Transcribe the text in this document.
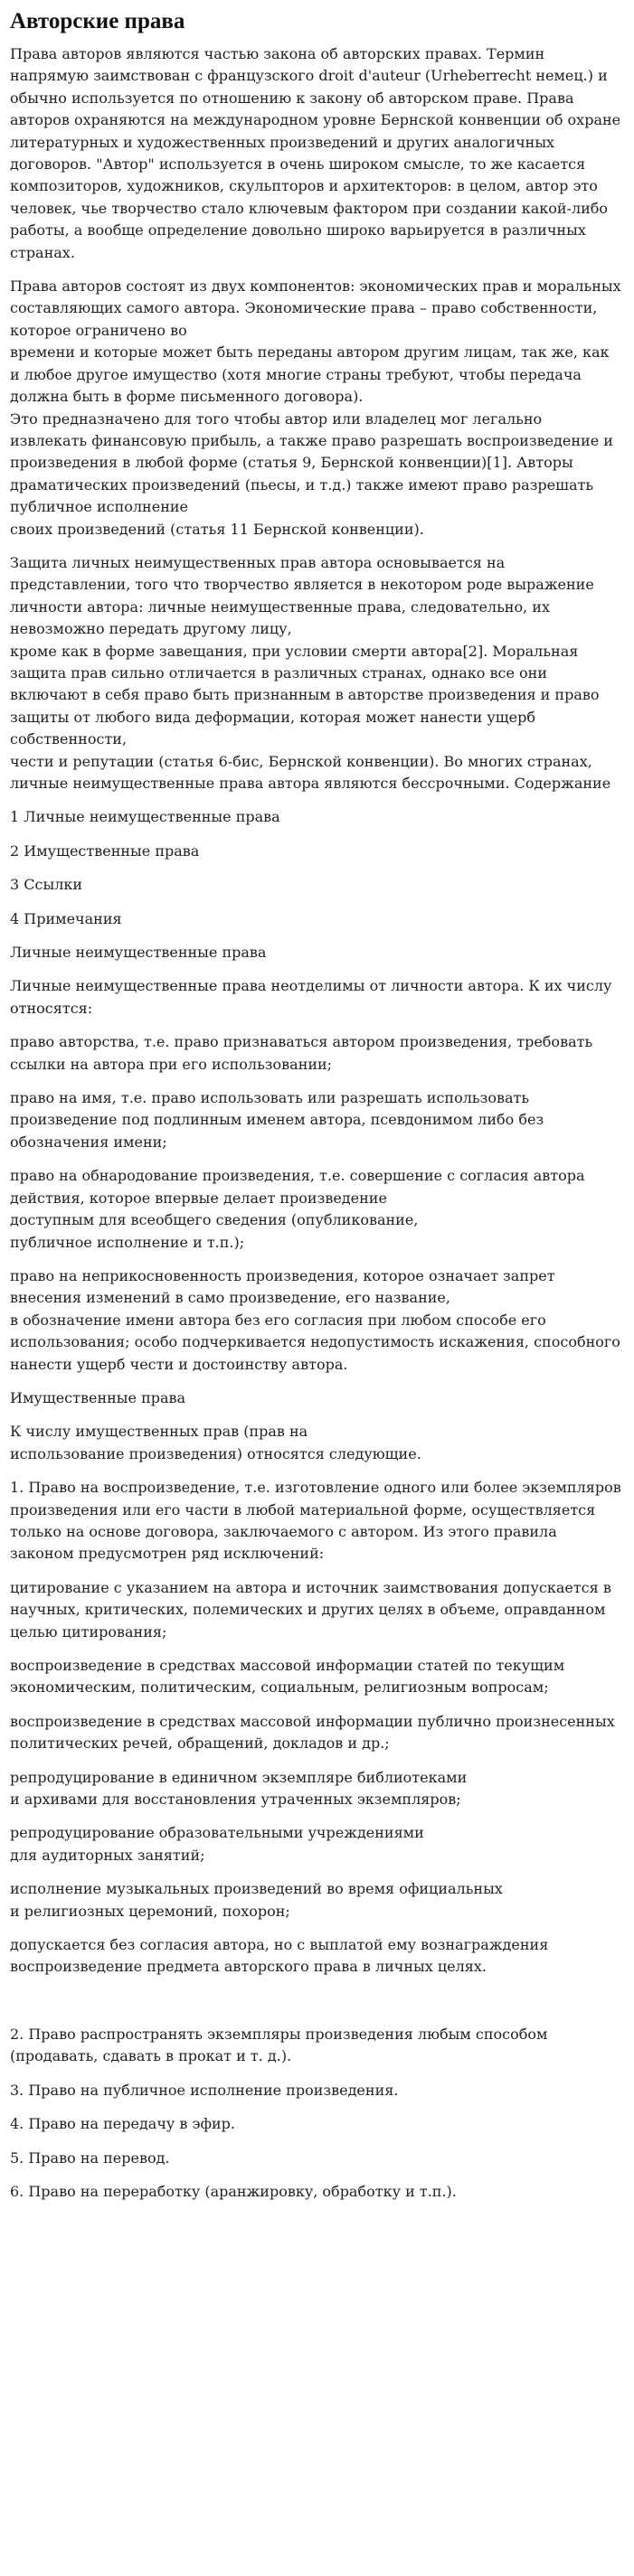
Авторские права

Права авторов являются частью закона об авторских правах. Термин напрямую заимствован с французского droit d'auteur (Urheberrecht немец.) и обычно используется по отношению к закону об авторском праве. Права авторов охраняются на международном уровне Бернской конвенции об охране литературных и художественных произведений и других аналогичных договоров. "Автор" используется в очень широком смысле, то же касается композиторов, художников, скульпторов и архитекторов: в целом, автор это человек, чье творчество стало ключевым фактором при создании какой-либо работы, а вообще определение довольно широко варьируется в различных странах.

Права авторов состоят из двух компонентов: экономических прав и моральных составляющих самого автора. Экономические права – право собственности, которое ограничено во
времени и которые может быть переданы автором другим лицам, так же, как и любое другое имущество (хотя многие страны требуют, чтобы передача должна быть в форме письменного договора).
Это предназначено для того чтобы автор или владелец мог легально извлекать финансовую прибыль, а также право разрешать воспроизведение и произведения в любой форме (статья 9, Бернской конвенции)[1]. Авторы драматических произведений (пьесы, и т.д.) также имеют право разрешать публичное исполнение
своих произведений (статья 11 Бернской конвенции).

Защита личных неимущественных прав автора основывается на представлении, того что творчество является в некотором роде выражение личности автора: личные неимущественные права, следовательно, их невозможно передать другому лицу,
кроме как в форме завещания, при условии смерти автора[2]. Моральная защита прав сильно отличается в различных странах, однако все они включают в себя право быть признанным в авторстве произведения и право защиты от любого вида деформации, которая может нанести ущерб собственности,
чести и репутации (статья 6-бис, Бернской конвенции). Во многих странах, личные неимущественные права автора являются бессрочными. Содержание

1 Личные неимущественные права

2 Имущественные права

3 Ссылки

4 Примечания

Личные неимущественные права

Личные неимущественные права неотделимы от личности автора. К их числу относятся:

право авторства, т.е. право признаваться автором произведения, требовать ссылки на автора при его использовании;

право на имя, т.е. право использовать или разрешать использовать произведение под подлинным именем автора, псевдонимом либо без обозначения имени;

право на обнародование произведения, т.е. совершение с согласия автора действия, которое впервые делает произведение
доступным для всеобщего сведения (опубликование,
публичное исполнение и т.п.);

право на неприкосновенность произведения, которое означает запрет внесения изменений в само произведение, его название,
в обозначение имени автора без его согласия при любом способе его использования; особо подчеркивается недопустимость искажения, способного нанести ущерб чести и достоинству автора.

Имущественные права

К числу имущественных прав (прав на
использование произведения) относятся следующие.

1. Право на воспроизведение, т.е. изготовление одного или более экземпляров произведения или его части в любой материальной форме, осуществляется только на основе договора, заключаемого с автором. Из этого правила
законом предусмотрен ряд исключений:

цитирование с указанием на автора и источник заимствования допускается в научных, критических, полемических и других целях в объеме, оправданном целью цитирования;

воспроизведение в средствах массовой информации статей по текущим экономическим, политическим, социальным, религиозным вопросам;

воспроизведение в средствах массовой информации публично произнесенных политических речей, обращений, докладов и др.;

репродуцирование в единичном экземпляре библиотеками
и архивами для восстановления утраченных экземпляров;

репродуцирование образовательными учреждениями
для аудиторных занятий;

исполнение музыкальных произведений во время официальных
и религиозных церемоний, похорон;

допускается без согласия автора, но с выплатой ему вознаграждения воспроизведение предмета авторского права в личных целях.

2. Право распространять экземпляры произведения любым способом (продавать, сдавать в прокат и т. д.).

3. Право на публичное исполнение произведения.

4. Право на передачу в эфир.

5. Право на перевод.

6. Право на переработку (аранжировку, обработку и т.п.).
